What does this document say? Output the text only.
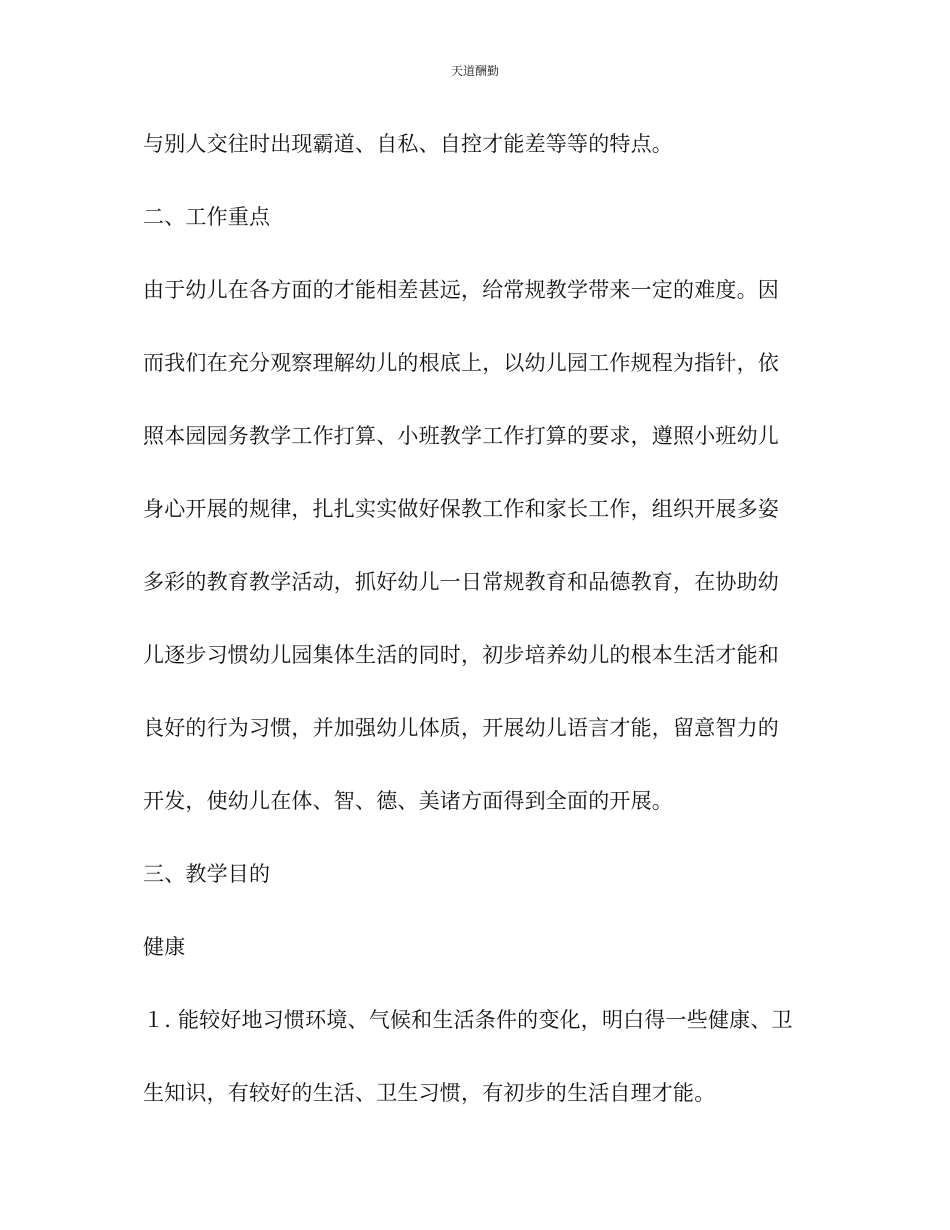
天道酬勤
与别人交往时出现霸道、自私、自控才能差等等的特点。
二、工作重点
由于幼儿在各方面的才能相差甚远，给常规教学带来一定的难度。因
而我们在充分观察理解幼儿的根底上，以幼儿园工作规程为指针，依
照本园园务教学工作打算、小班教学工作打算的要求，遵照小班幼儿
身心开展的规律，扎扎实实做好保教工作和家长工作，组织开展多姿
多彩的教育教学活动，抓好幼儿一日常规教育和品德教育，在协助幼
儿逐步习惯幼儿园集体生活的同时，初步培养幼儿的根本生活才能和
良好的行为习惯，并加强幼儿体质，开展幼儿语言才能，留意智力的
开发，使幼儿在体、智、德、美诸方面得到全面的开展。
三、教学目的
健康
１. 能较好地习惯环境、气候和生活条件的变化，明白得一些健康、卫
生知识，有较好的生活、卫生习惯，有初步的生活自理才能。
